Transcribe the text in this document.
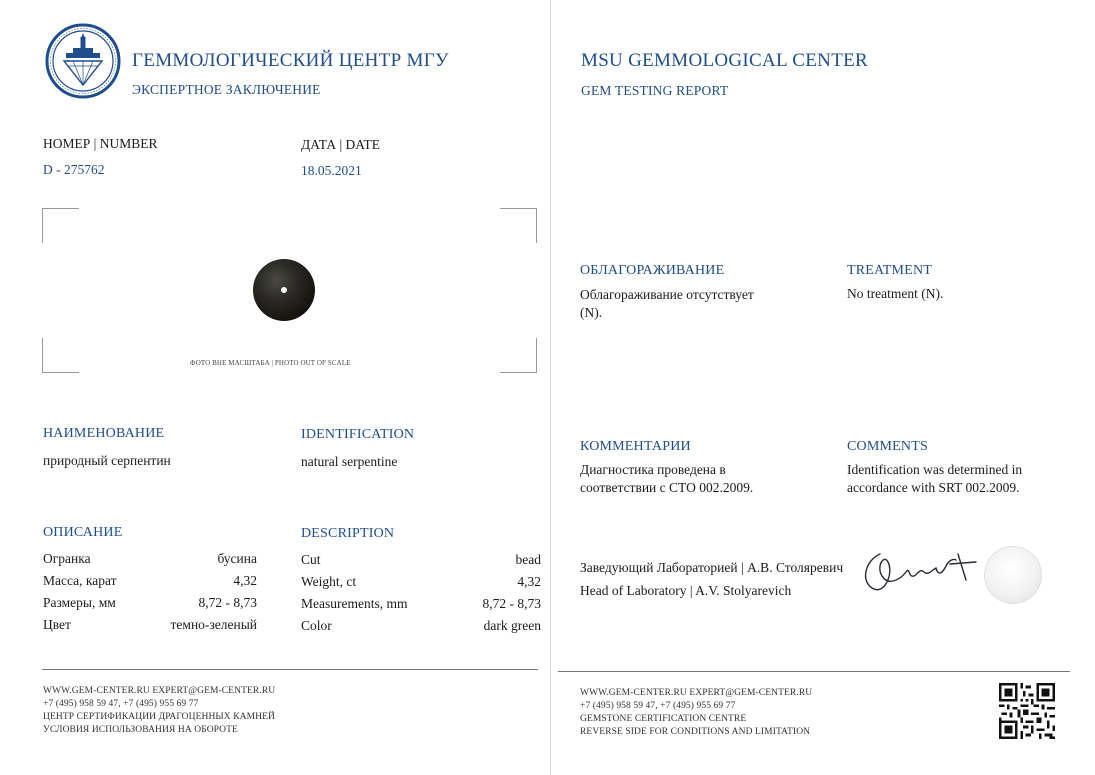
ГЕММОЛОГИЧЕСКИЙ ЦЕНТР МГУ
ЭКСПЕРТНОЕ ЗАКЛЮЧЕНИЕ
НОМЕР | NUMBER
D - 275762
ДАТА | DATE
18.05.2021
ФОТО ВНЕ МАСШТАБА | PHOTO OUT OF SCALE
НАИМЕНОВАНИЕ
природный серпентин
IDENTIFICATION
natural serpentine
ОПИСАНИЕ	DESCRIPTION
Огранка	бусина	Cut	bead
Масса, карат	4,32	Weight, ct	4,32
Размеры, мм	8,72 - 8,73	Measurements, mm	8,72 - 8,73
Цвет	темно-зеленый	Color	dark green
WWW.GEM-CENTER.RU EXPERT@GEM-CENTER.RU
+7 (495) 958 59 47, +7 (495) 955 69 77
ЦЕНТР СЕРТИФИКАЦИИ ДРАГОЦЕННЫХ КАМНЕЙ
УСЛОВИЯ ИСПОЛЬЗОВАНИЯ НА ОБОРОТЕ
MSU GEMMOLOGICAL CENTER
GEM TESTING REPORT
ОБЛАГОРАЖИВАНИЕ
Облагораживание отсутствует
(N).
TREATMENT
No treatment (N).
КОММЕНТАРИИ
Диагностика проведена в
соответствии с СТО 002.2009.
COMMENTS
Identification was determined in
accordance with SRT 002.2009.
Заведующий Лабораторией | А.В. Столяревич
Head of Laboratory | A.V. Stolyarevich
WWW.GEM-CENTER.RU EXPERT@GEM-CENTER.RU
+7 (495) 958 59 47, +7 (495) 955 69 77
GEMSTONE CERTIFICATION CENTRE
REVERSE SIDE FOR CONDITIONS AND LIMITATION
